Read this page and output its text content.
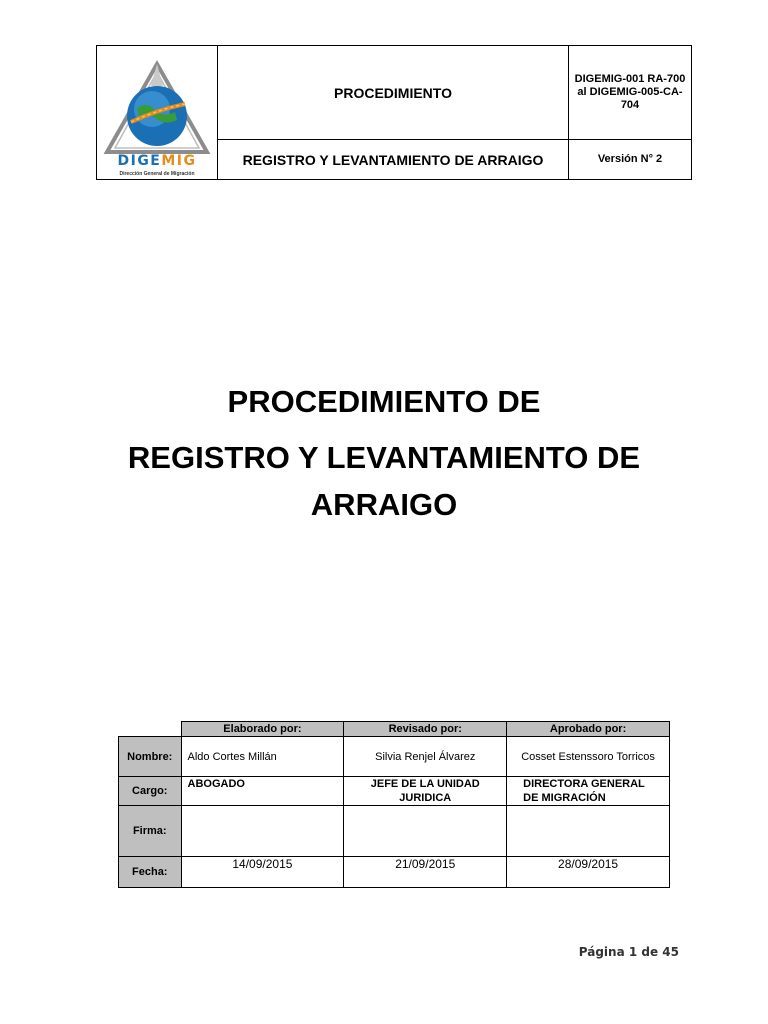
DIGEMIG
Dirección General de Migración	PROCEDIMIENTO	DIGEMIG-001 RA-700 al DIGEMIG-005-CA-704
	REGISTRO Y LEVANTAMIENTO DE ARRAIGO	Versión N° 2
PROCEDIMIENTO DE
REGISTRO Y LEVANTAMIENTO DE ARRAIGO
	Elaborado por:	Revisado por:	Aprobado por:
Nombre:	Aldo Cortes Millán	Silvia Renjel Álvarez	Cosset Estenssoro Torricos
Cargo:	ABOGADO	JEFE DE LA UNIDAD JURIDICA	DIRECTORA GENERAL DE MIGRACIÓN
Firma:			
Fecha:	14/09/2015	21/09/2015	28/09/2015
Página 1 de 45
